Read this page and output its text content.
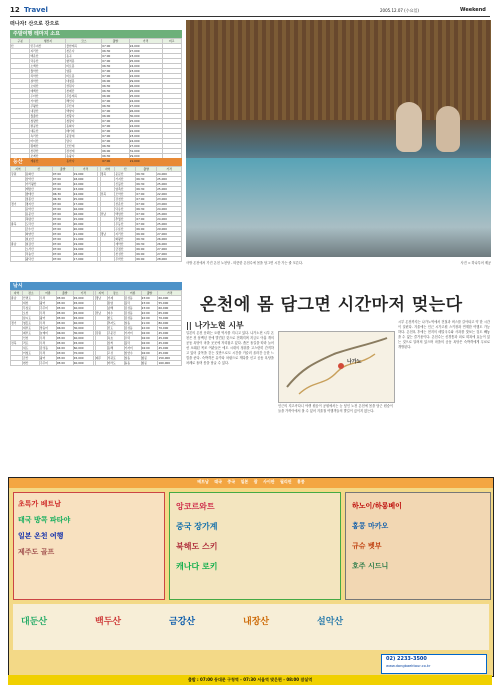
12 Travel	2005.12.07 (수요일)	Weekend
떠나자! 산으로 강으로
주말여행 테마지 소요
구분	행선지	코스	출발	가격	비고
산	민주지산	물한계곡	07:00	24,000	
	지리산	천은사	06:30	27,000	
	백운산	동곡	07:00	23,000	
	덕유산	향적봉	07:00	25,000	
	소백산	비로봉	06:30	24,000	
	월악산	영봉	07:00	23,000	
	치악산	비로봉	07:00	22,000	
	설악산	대청봉	06:00	29,000	
	오대산	상원사	06:30	26,000	
	태백산	천제단	06:30	25,000	
	두타산	무릉계곡	06:00	25,000	
	가야산	해인사	07:00	24,000	
	주왕산	주산지	06:30	27,000	
	내장산	백양사	07:00	26,000	
	월출산	천황사	06:00	30,000	
	청량산	청량사	07:00	25,000	
	팔공산	동화사	07:00	24,000	
	대둔산	배티재	07:00	22,000	
	속리산	문장대	07:00	23,000	
	마이산	탑사	07:00	24,000	
	황매산	모산재	06:30	27,000	
	천관산	장천재	06:00	31,000	
	조계산	송광사	06:30	29,000	
	계룡산	동학사	07:00	21,000	
등산
지역	산	출발	가격		지역	산	출발	가격
강원	용화산	07:00	19,000		경북	운문산	06:30	24,000
	삼악산	07:00	18,000			가지산	06:30	25,000
	가리왕산	07:00	22,000			신불산	06:30	25,000
	계방산	07:00	23,000			영축산	06:30	25,000
	방태산	06:30	24,000		전북	모악산	07:00	22,000
	점봉산	06:30	25,000			강천산	07:00	23,000
경기	명지산	07:00	17,000			선운산	07:00	23,000
	운악산	07:00	16,000			덕유산	06:30	24,000
	용문산	07:00	16,000		전남	백암산	07:00	25,000
	축령산	07:00	15,000			추월산	07:00	24,000
충북	도락산	07:00	20,000			무등산	07:00	25,000
	금수산	07:00	20,000			두륜산	06:00	29,000
	희양산	07:00	21,000		경남	지리산	06:00	27,000
	칠보산	07:00	21,000			화왕산	06:30	26,000
충남	칠갑산	07:00	19,000			재약산	06:30	26,000
	오서산	07:00	19,000			금정산	06:00	27,000
	덕숭산	07:00	18,000			천성산	06:00	27,000
	광덕산	07:00	17,000			무학산	06:00	28,000
낚시
지역	장소	어종	출발	가격		지역	장소	어종	출발	가격
충남	안면도	우럭	05:00	45,000		경남	거제	감성돔	23:00	60,000
	대천	광어	05:00	45,000			통영	볼락	23:00	55,000
	무창포	주꾸미	05:00	40,000			남해	감성돔	23:00	60,000
	오천	우럭	05:00	45,000		전남	여수	감성돔	22:00	65,000
	삽시도	광어	05:00	45,000			완도	감성돔	22:00	70,000
경기	영흥도	우럭	05:00	40,000			추자도	참돔	21:00	80,000
	대부도	망둥어	06:00	30,000			진도	감성돔	22:00	70,000
	제부도	놀래미	06:00	30,000		강원	주문진	가자미	04:00	45,000
	인천	우럭	05:00	40,000			속초	우럭	04:00	45,000
전북	격포	우럭	05:00	45,000			삼척	볼락	04:00	45,000
	위도	감성돔	04:00	60,000			동해	가자미	04:00	45,000
	어청도	우럭	03:00	70,000			고성	임연수	04:00	45,000
	군산	광어	05:00	45,000		제주	서귀포	참돔	항공	150,000
	변산	주꾸미	05:00	40,000			마라도	돌돔	항공	160,000
사방 온천에서 가진 온천 노천탕 - 따뜻한 온천수에 몸을 담그면 시간 가는 줄 모른다.	사진 = 하나투어 제공
온천에 몸 담그면 시간마저 멎는다
|| 나가노현 시부
일본의 온천 문화는 오랜 역사를 지니고 있다. 나가노현 시부 온천은 천 삼백년 전에 발견된 것으로 전해지며 지금도 아홉 개의 공동 욕탕이 마을 곳곳에 자리잡고 있다. 좁은 돌길을 따라 늘어선 오래된 목조 여관들은 에도 시대의 정취를 고스란히 간직하고 있어 골목을 걷는 것만으로도 시간을 거슬러 올라간 듯한 느낌을 준다. 숙박객은 유카타 차림으로 게다를 신고 공동 욕탕을 차례로 돌며 몸을 담글 수 있다.	나가노
인근의 지고쿠다니 야생 원숭이 공원에서는 눈 덮인 노천 온천에 몸을 담근 원숭이들을 가까이에서 볼 수 있어 겨울철 여행객들의 발길이 끊이지 않는다.
시부 온천까지는 나가노역에서 전철과 버스를 갈아타고 약 한 시간이 걸린다. 겨울에는 인근 시가고원 스키장과 연계한 여행도 가능하다. 온천욕 후에는 현지의 메밀국수와 사과를 맛보는 것도 빼놓을 수 없는 즐거움이다. 온천수는 신경통과 피로 회복에 효능이 있는 것으로 알려져 있으며 마을의 공동 욕탕은 숙박객에게 무료로 개방된다.
베트남 태국 중국 일본 괌 사이판 필리핀 홍콩
초특가 베트남
태국 방콕 파타야
일본 온천 여행
제주도 골프
앙코르와트
중국 장가계
북해도 스키
캐나다 로키
하노이/하롱베이
홍콩 마카오
규슈 벳부
호주 시드니
대둔산	백두산	금강산	내장산	설악산
02) 2233-3500
www.dongbaektour.co.kr
출발 : 07:00 동대문 구청역 - 07:30 서울역 맞은편 - 08:00 잠실역
